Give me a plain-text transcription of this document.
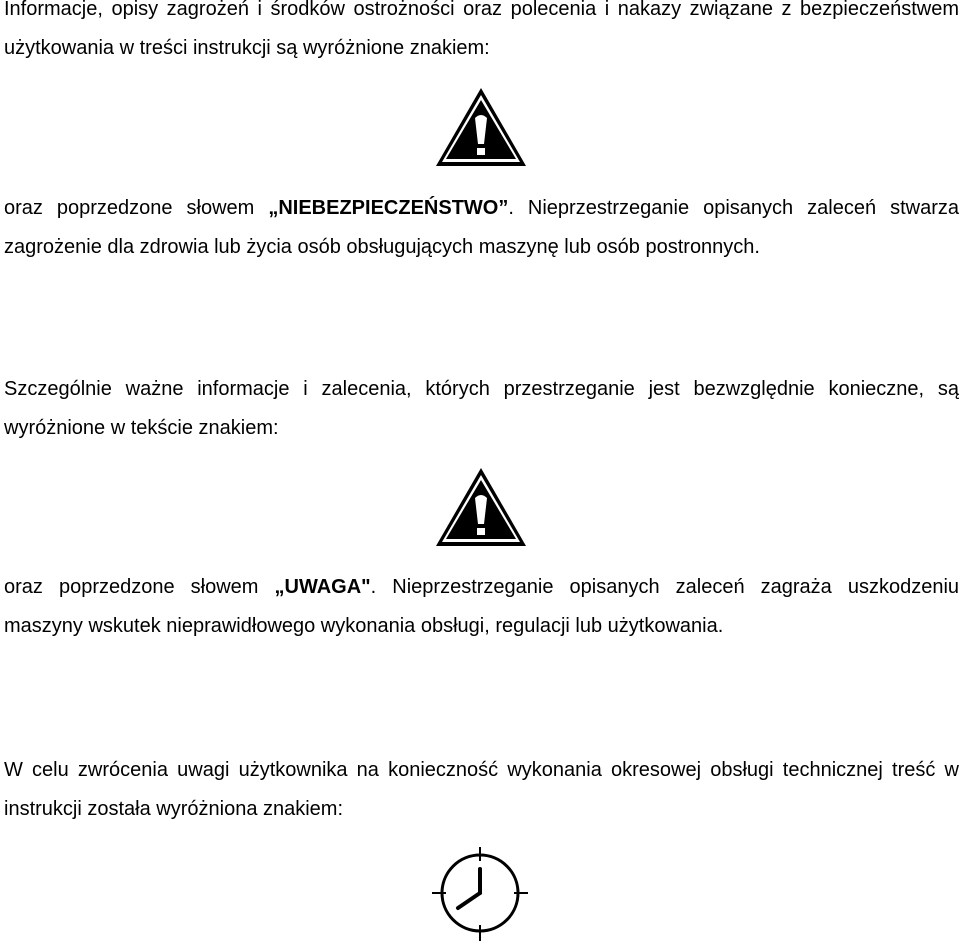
Informacje, opisy zagrożeń i środków ostrożności oraz polecenia i nakazy związane z bezpieczeństwem użytkowania w treści instrukcji są wyróżnione znakiem:

oraz poprzedzone słowem „NIEBEZPIECZEŃSTWO”. Nieprzestrzeganie opisanych zaleceń stwarza zagrożenie dla zdrowia lub życia osób obsługujących maszynę lub osób postronnych.

Szczególnie ważne informacje i zalecenia, których przestrzeganie jest bezwzględnie konieczne, są wyróżnione w tekście znakiem:

oraz poprzedzone słowem „UWAGA". Nieprzestrzeganie opisanych zaleceń zagraża uszkodzeniu maszyny wskutek nieprawidłowego wykonania obsługi, regulacji lub użytkowania.

W celu zwrócenia uwagi użytkownika na konieczność wykonania okresowej obsługi technicznej treść w instrukcji została wyróżniona znakiem:
